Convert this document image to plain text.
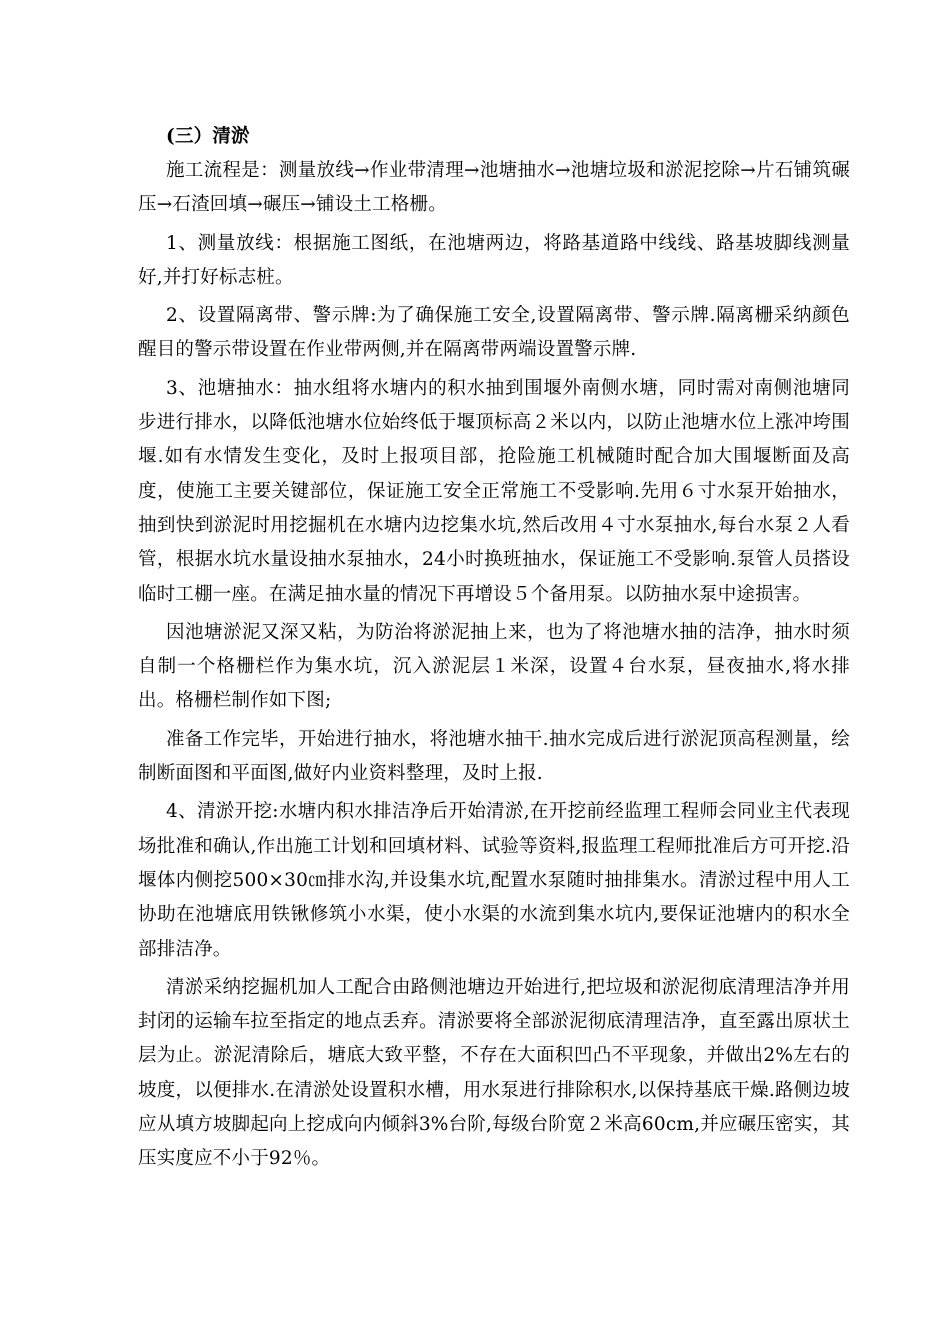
(三）清淤

施工流程是：测量放线→作业带清理→池塘抽水→池塘垃圾和淤泥挖除→片石铺筑碾压→石渣回填→碾压→铺设土工格栅。

1、测量放线：根据施工图纸，在池塘两边，将路基道路中线线、路基坡脚线测量好,并打好标志桩。

2、设置隔离带、警示牌:为了确保施工安全,设置隔离带、警示牌.隔离栅采纳颜色醒目的警示带设置在作业带两侧,并在隔离带两端设置警示牌.

3、池塘抽水：抽水组将水塘内的积水抽到围堰外南侧水塘，同时需对南侧池塘同步进行排水，以降低池塘水位始终低于堰顶标高２米以内，以防止池塘水位上涨冲垮围堰.如有水情发生变化，及时上报项目部，抢险施工机械随时配合加大围堰断面及高度，使施工主要关键部位，保证施工安全正常施工不受影响.先用６寸水泵开始抽水，抽到快到淤泥时用挖掘机在水塘内边挖集水坑,然后改用４寸水泵抽水,每台水泵２人看管，根据水坑水量设抽水泵抽水，24小时换班抽水，保证施工不受影响.泵管人员搭设临时工棚一座。在满足抽水量的情况下再增设５个备用泵。以防抽水泵中途损害。

因池塘淤泥又深又粘，为防治将淤泥抽上来，也为了将池塘水抽的洁净，抽水时须自制一个格栅栏作为集水坑，沉入淤泥层１米深，设置４台水泵，昼夜抽水,将水排出。格栅栏制作如下图;

准备工作完毕，开始进行抽水，将池塘水抽干.抽水完成后进行淤泥顶高程测量，绘制断面图和平面图,做好内业资料整理，及时上报.

4、清淤开挖:水塘内积水排洁净后开始清淤,在开挖前经监理工程师会同业主代表现场批准和确认,作出施工计划和回填材料、试验等资料,报监理工程师批准后方可开挖.沿堰体内侧挖500×30㎝排水沟,并设集水坑,配置水泵随时抽排集水。清淤过程中用人工协助在池塘底用铁锹修筑小水渠，使小水渠的水流到集水坑内,要保证池塘内的积水全部排洁净。

清淤采纳挖掘机加人工配合由路侧池塘边开始进行,把垃圾和淤泥彻底清理洁净并用封闭的运输车拉至指定的地点丢弃。清淤要将全部淤泥彻底清理洁净，直至露出原状土层为止。淤泥清除后，塘底大致平整，不存在大面积凹凸不平现象，并做出2%左右的坡度，以便排水.在清淤处设置积水槽，用水泵进行排除积水,以保持基底干燥.路侧边坡应从填方坡脚起向上挖成向内倾斜3%台阶,每级台阶宽２米高60cm,并应碾压密实，其压实度应不小于92％。
